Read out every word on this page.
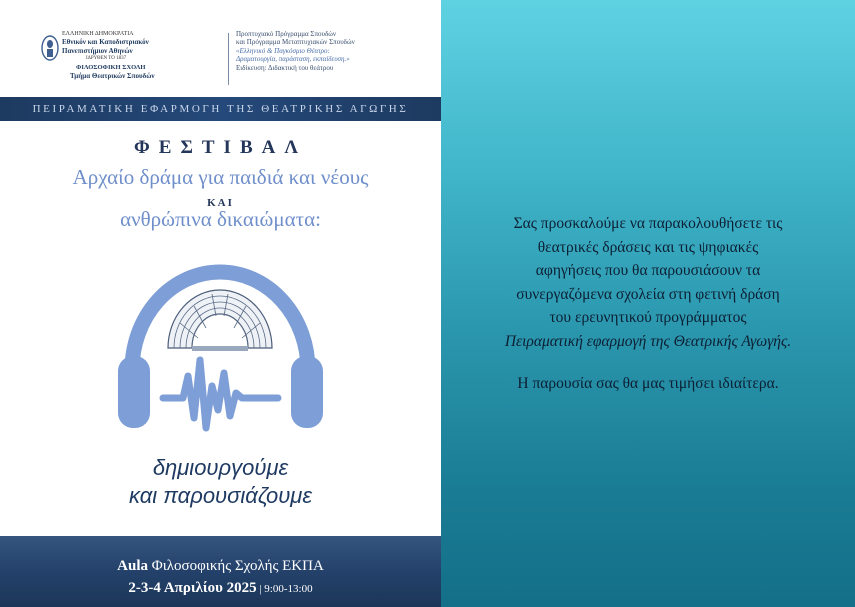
ΕΛΛΗΝΙΚΗ ΔΗΜΟΚΡΑΤΙΑ
Εθνικόν και Καποδιστριακόν
Πανεπιστήμιον Αθηνών
ΙΔΡΥΘΕΝ ΤΟ 1837
ΦΙΛΟΣΟΦΙΚΗ ΣΧΟΛΗ
Τμήμα Θεατρικών Σπουδών
Προπτυχιακό Πρόγραμμα Σπουδών
και Πρόγραμμα Μεταπτυχιακών Σπουδών
«Ελληνικό & Παγκόσμιο Θέατρο:
Δραματουργία, παράσταση, εκπαίδευση.»
Ειδίκευση: Διδακτική του θεάτρου
ΠΕΙΡΑΜΑΤΙΚΗ ΕΦΑΡΜΟΓΗ ΤΗΣ ΘΕΑΤΡΙΚΗΣ ΑΓΩΓΗΣ
ΦΕΣΤΙΒΑΛ
Αρχαίο δράμα για παιδιά και νέους
ΚΑΙ
ανθρώπινα δικαιώματα:
δημιουργούμε
και παρουσιάζουμε
Aula Φιλοσοφικής Σχολής ΕΚΠΑ
2-3-4 Απριλίου 2025 | 9:00-13:00
Σας προσκαλούμε να παρακολουθήσετε τις
θεατρικές δράσεις και τις ψηφιακές
αφηγήσεις που θα παρουσιάσουν τα
συνεργαζόμενα σχολεία στη φετινή δράση
του ερευνητικού προγράμματος
Πειραματική εφαρμογή της Θεατρικής Αγωγής.
Η παρουσία σας θα μας τιμήσει ιδιαίτερα.
